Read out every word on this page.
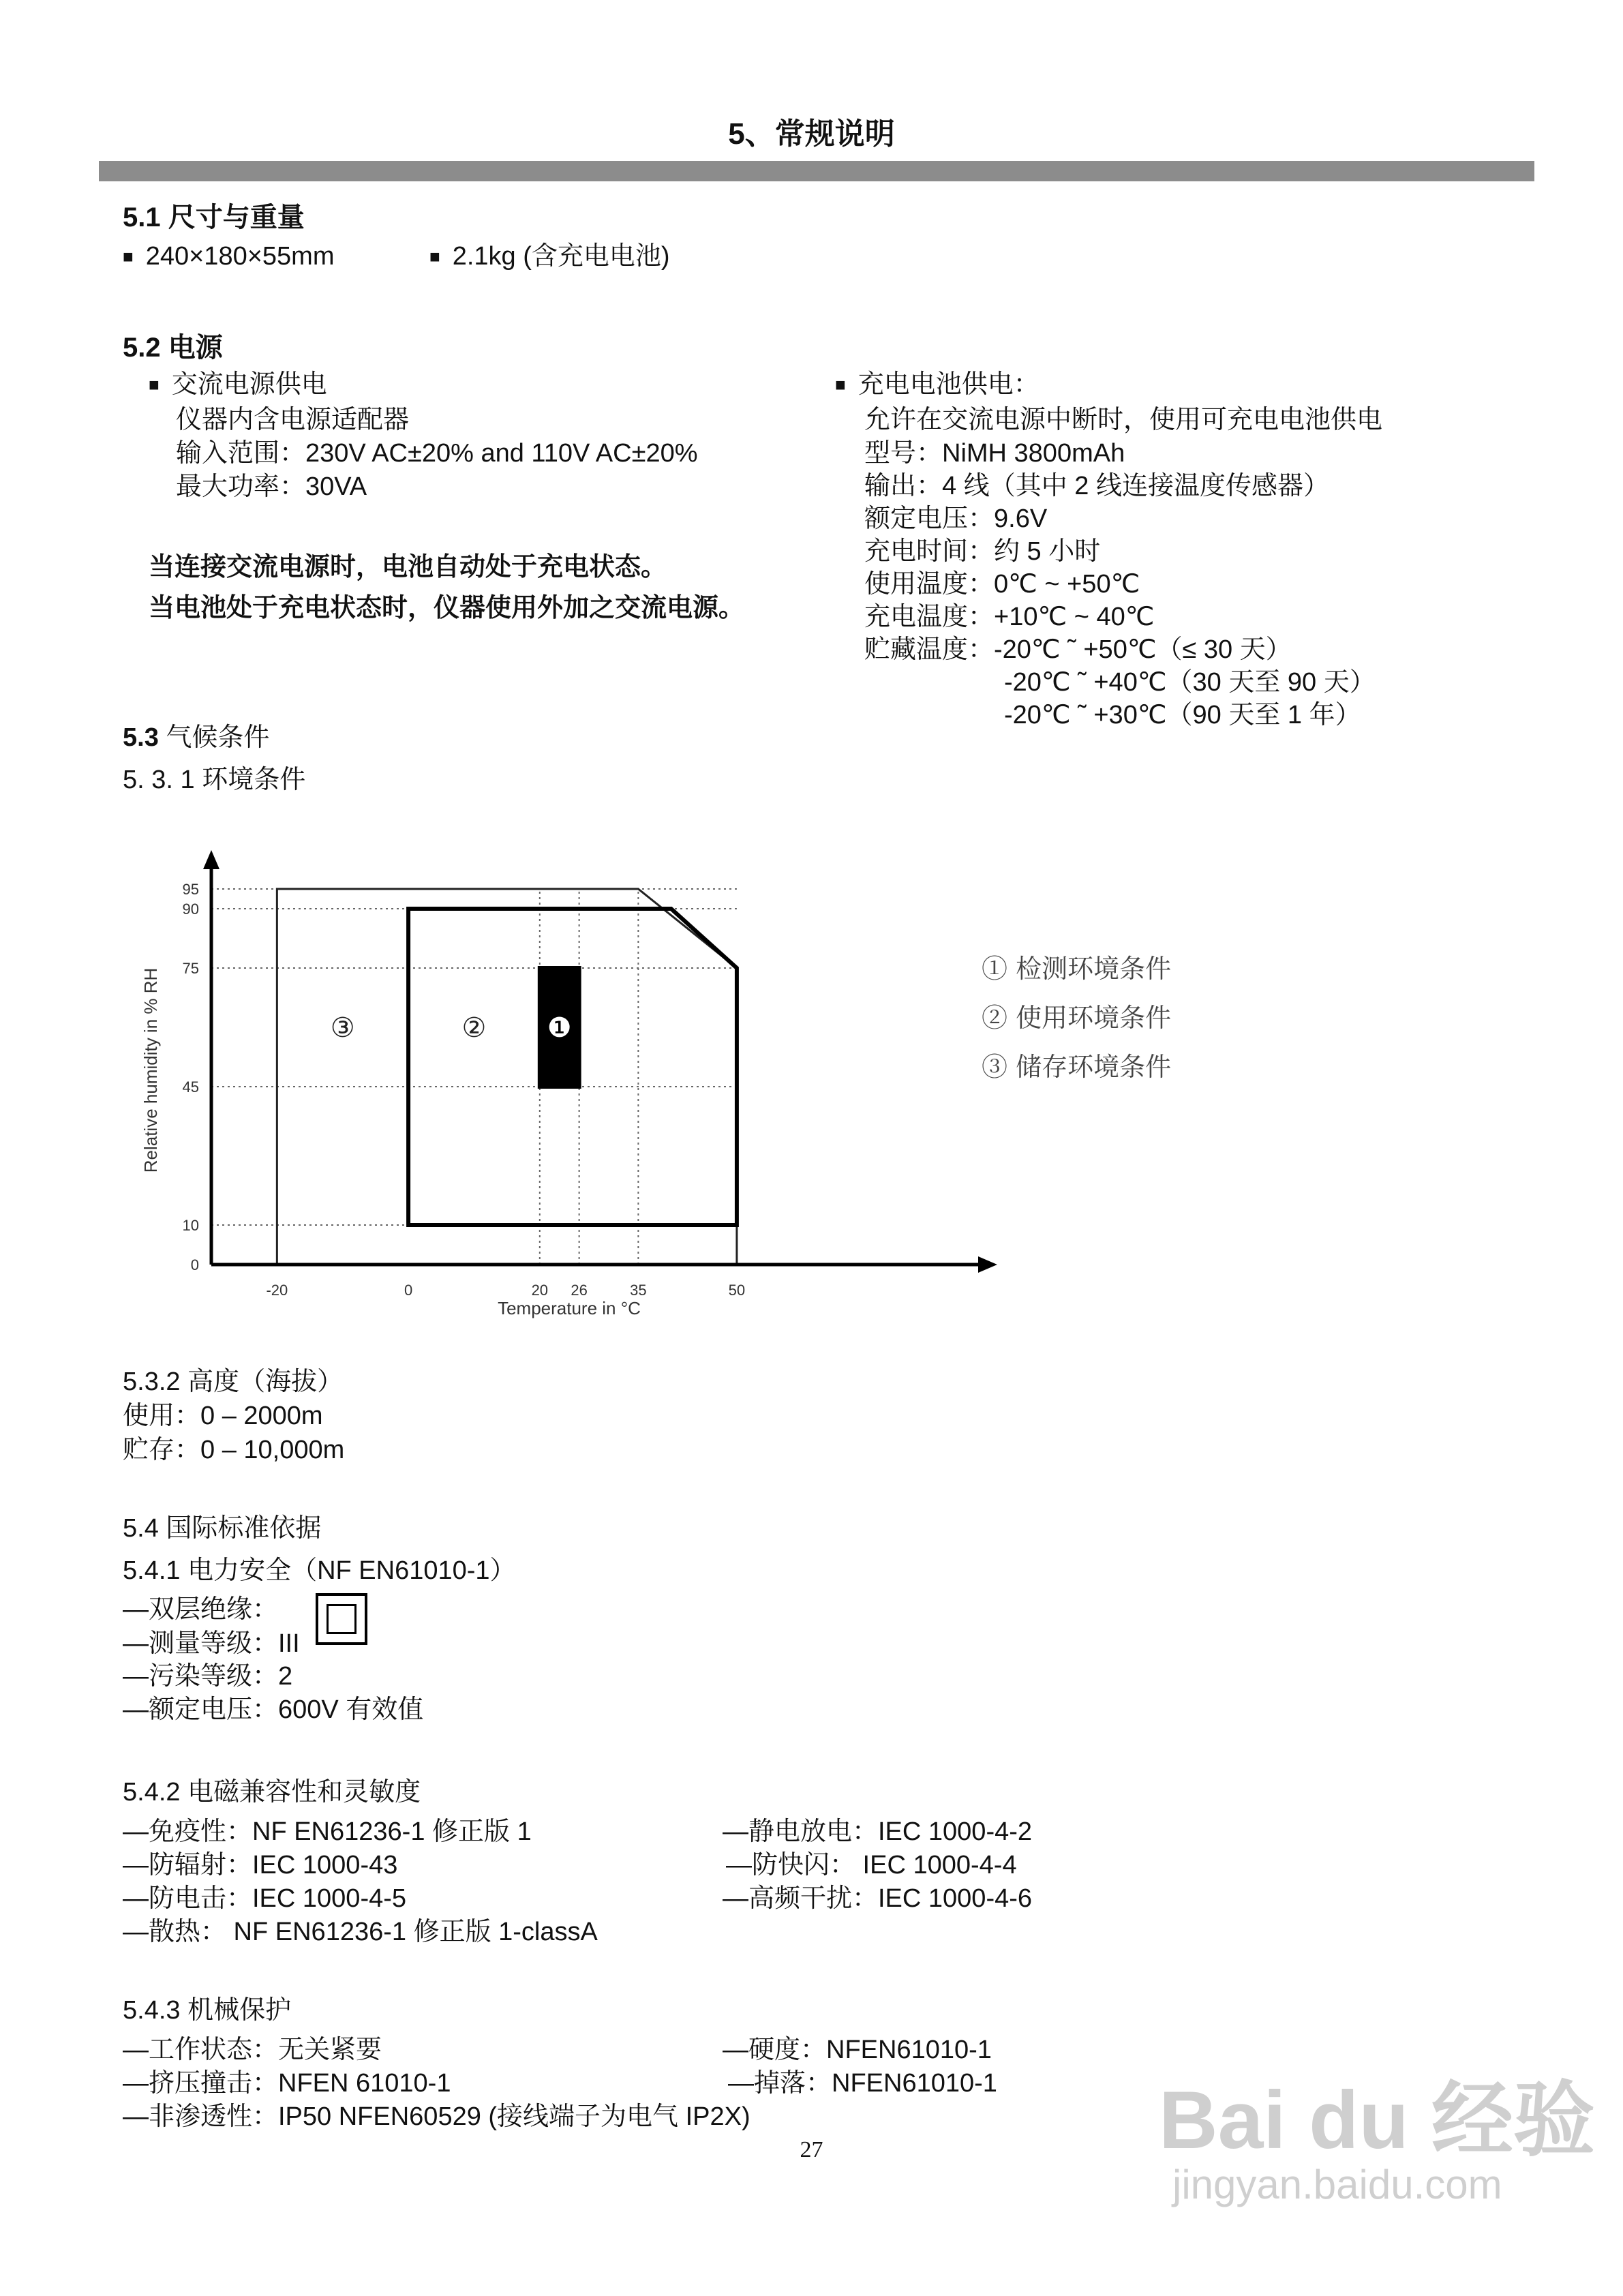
5、常规说明
5.1 尺寸与重量
■ 240×180×55mm
■	2.1kg (含充电电池)
5.2 电源
■ 交流电源供电
仪器内含电源适配器
输入范围：230V AC±20% and 110V AC±20%
最大功率：30VA
当连接交流电源时，电池自动处于充电状态。
当电池处于充电状态时，仪器使用外加之交流电源。
■ 充电电池供电：
允许在交流电源中断时，使用可充电电池供电
型号：NiMH 3800mAh
输出：4 线（其中 2 线连接温度传感器）
额定电压：9.6V
充电时间：约 5 小时
使用温度：0℃ ~ +50℃
充电温度：+10℃ ~ 40℃
贮藏温度：-20℃ ˜ +50℃（≤ 30 天）
-20℃ ˜ +40℃（30 天至 90 天）
-20℃ ˜ +30℃（90 天至 1 年）
5.3 气候条件
5. 3. 1 环境条件
0
10
45
75
90
95
-20	0	20 26	35	50
③	② ❶
Temperature in °C
Relative humidity in % RH	① 检测环境条件
② 使用环境条件
③ 储存环境条件
5.3.2 高度（海拔）
使用：0 – 2000m
贮存：0 – 10,000m
5.4 国际标准依据
5.4.1 电力安全（NF EN61010-1）
—双层绝缘：
—测量等级：III
—污染等级：2
—额定电压：600V 有效值
5.4.2 电磁兼容性和灵敏度
—免疫性：NF EN61236-1 修正版 1
—防辐射：IEC 1000-43
—防电击：IEC 1000-4-5
—散热： NF EN61236-1 修正版 1-classA
—静电放电：IEC 1000-4-2
—防快闪： IEC 1000-4-4
—高频干扰：IEC 1000-4-6
5.4.3 机械保护
—工作状态：无关紧要
—挤压撞击：NFEN 61010-1
—非渗透性：IP50 NFEN60529 (接线端子为电气 IP2X)
—硬度：NFEN61010-1
—掉落：NFEN61010-1
27	Bai du 经验
jingyan.baidu.com
